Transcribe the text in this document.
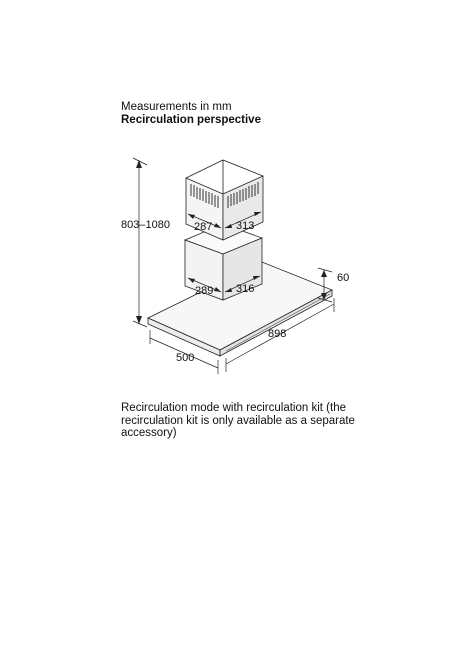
Measurements in mm
Recirculation perspective
803–1080 287 313
289 316
60
898
500
Recirculation mode with recirculation kit (the recirculation kit is only available as a separate accessory)
